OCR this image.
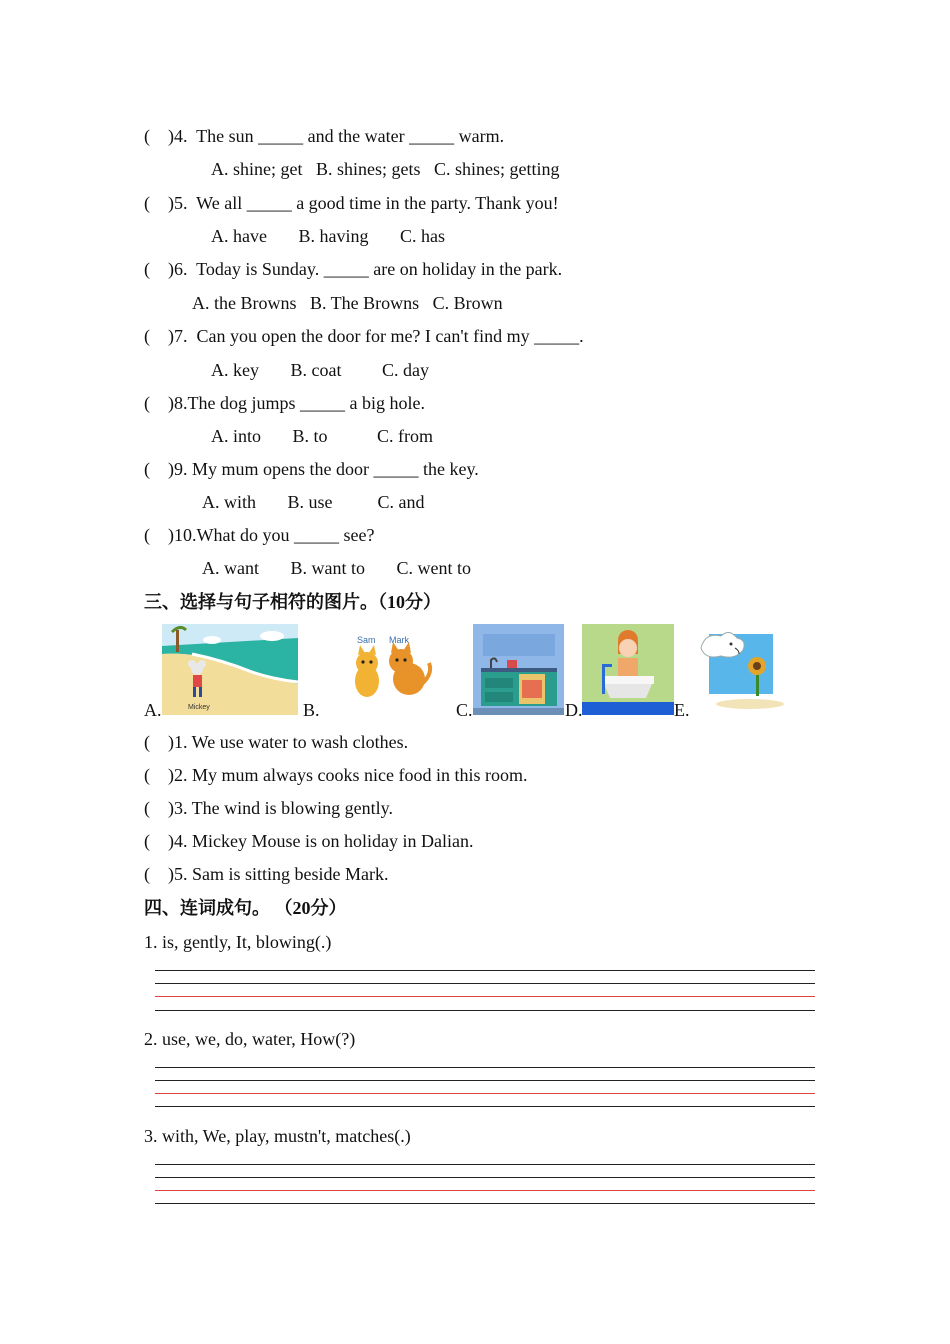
(    )4.  The sun _____ and the water _____ warm.
A. shine; get   B. shines; gets   C. shines; getting
(    )5.  We all _____ a good time in the party. Thank you!
A. have       B. having       C. has
(    )6.  Today is Sunday. _____ are on holiday in the park.
A. the Browns   B. The Browns   C. Brown
(    )7.  Can you open the door for me? I can't find my _____.
A. key       B. coat         C. day
(    )8.The dog jumps _____ a big hole.
A. into       B. to           C. from
(    )9. My mum opens the door _____ the key.
A. with       B. use          C. and
(    )10.What do you _____ see?
A. want       B. want to       C. went to
三、选择与句子相符的图片。（10分）
A.	Mickey	B.
Sam Mark
C.	D.	E.
(    )1. We use water to wash clothes.
(    )2. My mum always cooks nice food in this room.
(    )3. The wind is blowing gently.
(    )4. Mickey Mouse is on holiday in Dalian.
(    )5. Sam is sitting beside Mark.
四、连词成句。 （20分）
1. is, gently, It, blowing(.)
2. use, we, do, water, How(?)
3. with, We, play, mustn't, matches(.)
